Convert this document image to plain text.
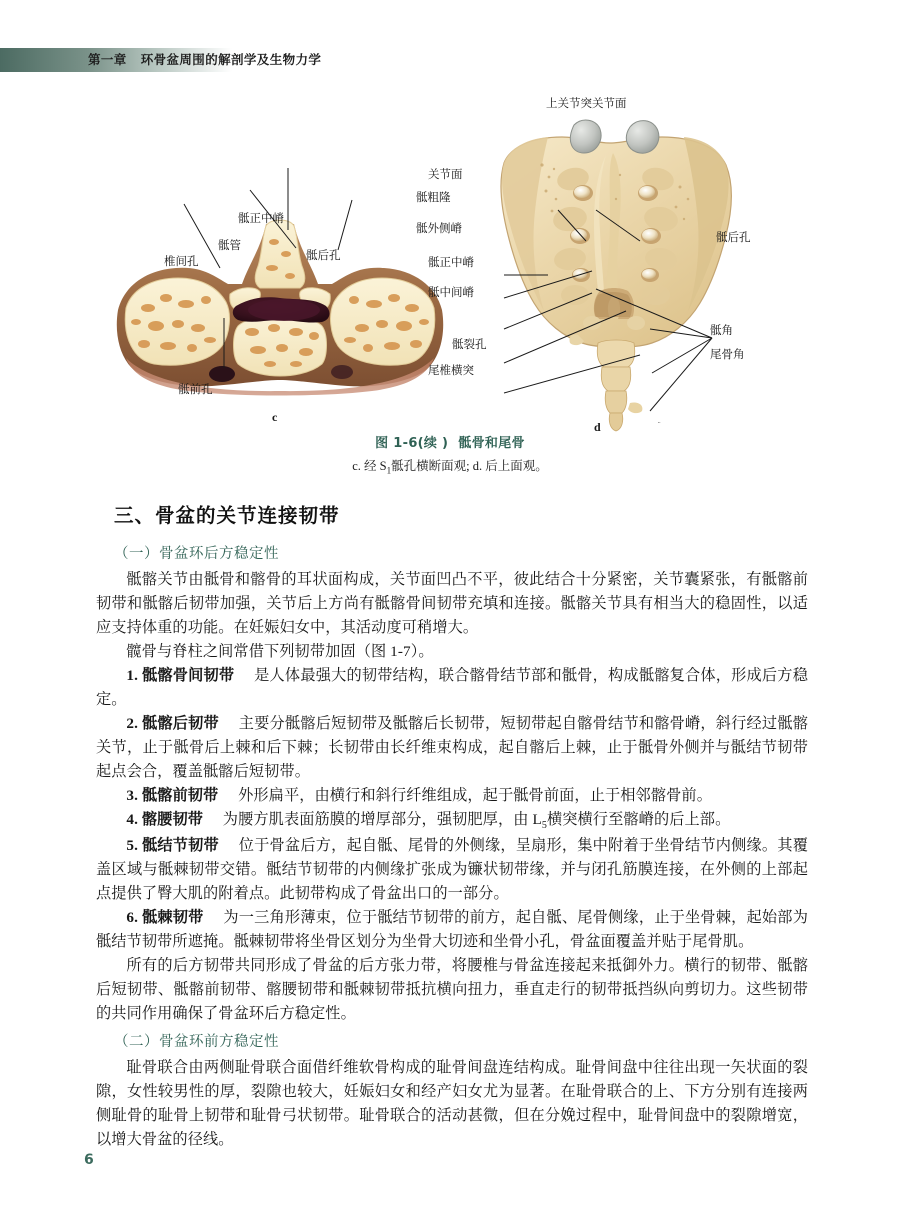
第一章 环骨盆周围的解剖学及生物力学
骶正中嵴
骶管
椎间孔	骶后孔
骶前孔
c
上关节突关节面
关节面
骶粗隆
骶外侧嵴
骶正中嵴
骶中间嵴
骶裂孔
尾椎横突
骶后孔
骶角
尾骨角
d
图 1-6(续 ) 骶骨和尾骨
c. 经 $S_1$骶孔横断面观; d. 后上面观。
三、骨盆的关节连接韧带
（一）骨盆环后方稳定性

骶髂关节由骶骨和髂骨的耳状面构成，关节面凹凸不平，彼此结合十分紧密，关节囊紧张，有骶髂前韧带和骶髂后韧带加强，关节后上方尚有骶髂骨间韧带充填和连接。骶髂关节具有相当大的稳固性，以适应支持体重的功能。在妊娠妇女中，其活动度可稍增大。

髋骨与脊柱之间常借下列韧带加固（图 1-7）。

1. 骶髂骨间韧带 是人体最强大的韧带结构，联合髂骨结节部和骶骨，构成骶髂复合体，形成后方稳定。

2. 骶髂后韧带 主要分骶髂后短韧带及骶髂后长韧带，短韧带起自髂骨结节和髂骨嵴，斜行经过骶髂关节，止于骶骨后上棘和后下棘；长韧带由长纤维束构成，起自髂后上棘，止于骶骨外侧并与骶结节韧带起点会合，覆盖骶髂后短韧带。

3. 骶髂前韧带 外形扁平，由横行和斜行纤维组成，起于骶骨前面，止于相邻髂骨前。

4. 髂腰韧带 为腰方肌表面筋膜的增厚部分，强韧肥厚，由 $L_5$横突横行至髂嵴的后上部。

5. 骶结节韧带 位于骨盆后方，起自骶、尾骨的外侧缘，呈扇形，集中附着于坐骨结节内侧缘。其覆盖区域与骶棘韧带交错。骶结节韧带的内侧缘扩张成为镰状韧带缘，并与闭孔筋膜连接，在外侧的上部起点提供了臀大肌的附着点。此韧带构成了骨盆出口的一部分。

6. 骶棘韧带 为一三角形薄束，位于骶结节韧带的前方，起自骶、尾骨侧缘，止于坐骨棘，起始部为骶结节韧带所遮掩。骶棘韧带将坐骨区划分为坐骨大切迹和坐骨小孔，骨盆面覆盖并贴于尾骨肌。

所有的后方韧带共同形成了骨盆的后方张力带，将腰椎与骨盆连接起来抵御外力。横行的韧带、骶髂后短韧带、骶髂前韧带、髂腰韧带和骶棘韧带抵抗横向扭力，垂直走行的韧带抵挡纵向剪切力。这些韧带的共同作用确保了骨盆环后方稳定性。

（二）骨盆环前方稳定性

耻骨联合由两侧耻骨联合面借纤维软骨构成的耻骨间盘连结构成。耻骨间盘中往往出现一矢状面的裂隙，女性较男性的厚，裂隙也较大，妊娠妇女和经产妇女尤为显著。在耻骨联合的上、下方分别有连接两侧耻骨的耻骨上韧带和耻骨弓状韧带。耻骨联合的活动甚微，但在分娩过程中，耻骨间盘中的裂隙增宽，以增大骨盆的径线。

6
